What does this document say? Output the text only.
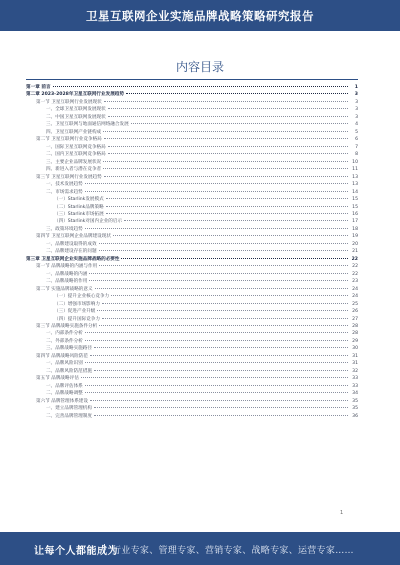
卫星互联网企业实施品牌战略策略研究报告
内容目录
第一章 前言	1
第二章 2023-2028年卫星互联网行业发展趋势	3
第一节 卫星互联网行业发展现状	3
一、全球卫星互联网发展现状	3
二、中国卫星互联网发展现状	3
三、卫星互联网与地面通信网络融合发展	4
四、卫星互联网产业链构成	5
第二节 卫星互联网行业竞争格局	6
一、国际卫星互联网竞争格局	7
二、国内卫星互联网竞争格局	8
三、主要企业品牌发展状况	10
四、新进入者与潜在竞争者	11
第三节 卫星互联网行业发展趋势	13
一、技术发展趋势	13
二、市场需求趋势	14
（一）Starlink发展模式	15
（二）Starlink品牌策略	15
（三）Starlink市场拓展	16
（四）Starlink对国内企业的启示	17
三、政策环境趋势	18
第四节 卫星互联网企业品牌建设现状	19
一、品牌建设取得的成效	20
二、品牌建设存在的问题	21
第三章 卫星互联网企业实施品牌战略的必要性	22
第一节 品牌战略的内涵与作用	22
一、品牌战略的内涵	22
二、品牌战略的作用	23
第二节 实施品牌战略的意义	24
（一）提升企业核心竞争力	24
（二）增强市场影响力	25
（三）促进产业升级	26
（四）提升国际竞争力	27
第三节 品牌战略实施条件分析	28
一、内部条件分析	28
二、外部条件分析	29
三、品牌战略实施路径	30
第四节 品牌战略风险防范	31
一、品牌风险识别	31
二、品牌风险防范措施	32
第五节 品牌战略评估	33
一、品牌评估体系	33
二、品牌战略调整	34
第六节 品牌管理体系建设	35
一、建立品牌管理机构	35
二、完善品牌管理制度	36
1
让每个人都能成为
行业专家、管理专家、营销专家、战略专家、运营专家……
